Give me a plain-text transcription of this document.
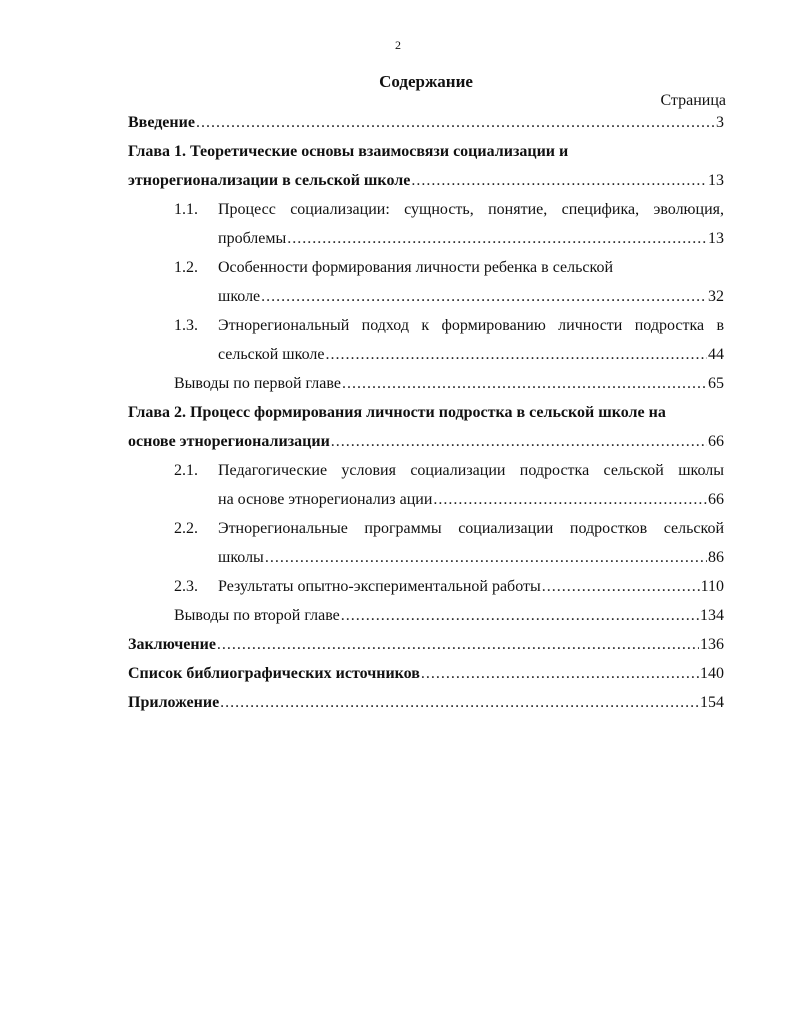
2
Содержание
Страница
Введение .....	3
Глава 1. Теоретические основы взаимосвязи социализации и
этнорегионализации в сельской школе .....	13
1.1.	Процесс социализации: сущность, понятие, специфика, эволюция,
проблемы .....	13
1.2.	Особенности формирования личности ребенка в сельской
школе .....	32
1.3.	Этнорегиональный подход к формированию личности подростка в
сельской школе .....	44
Выводы по первой главе .....	65
Глава 2. Процесс формирования личности подростка в сельской школе на
основе этнорегионализации .....	66
2.1.	Педагогические условия социализации подростка сельской школы
на основе этнорегионализ ации .....	66
2.2.	Этнорегиональные программы социализации подростков сельской
школы .....	86
2.3.	Результаты опытно-экспериментальной работы .....	110
Выводы по второй главе .....	134
Заключение .....	136
Список библиографических источников .....	140
Приложение .....	154
